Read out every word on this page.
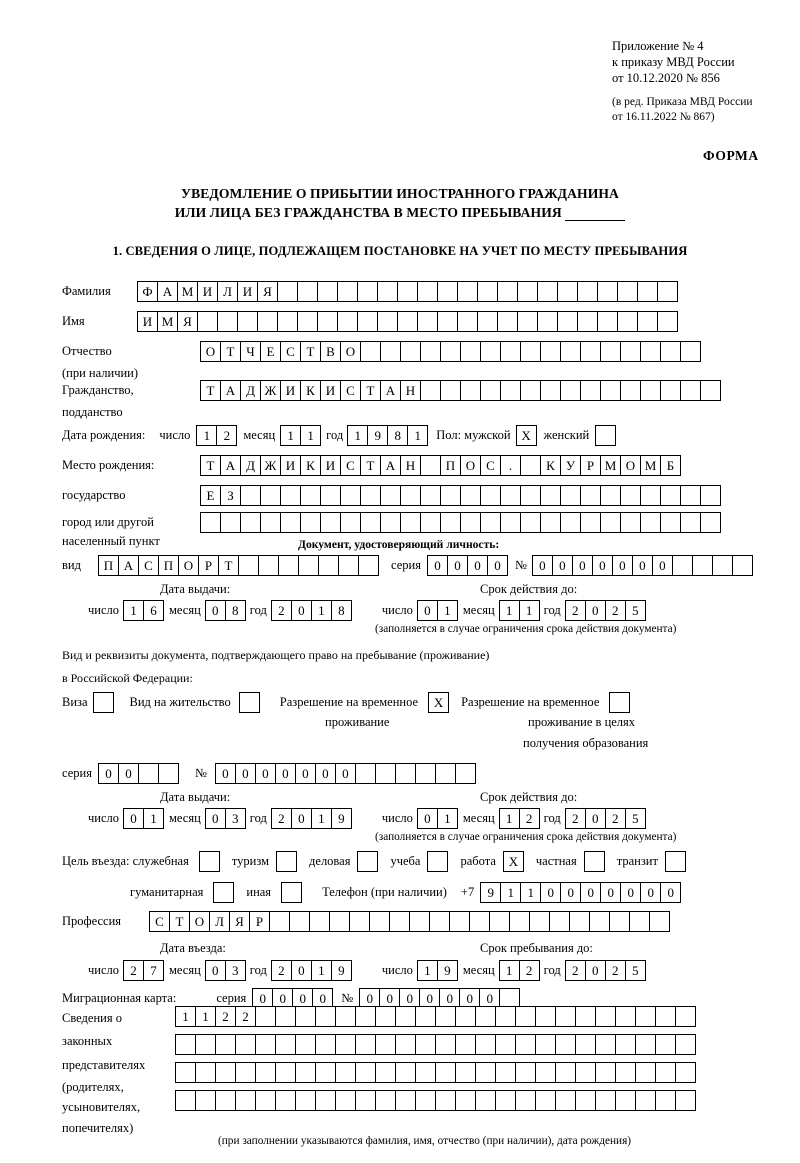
Приложение № 4
к приказу МВД России
от 10.12.2020 № 856
(в ред. Приказа МВД России
от 16.11.2022 № 867)
ФОРМА
УВЕДОМЛЕНИЕ О ПРИБЫТИИ ИНОСТРАННОГО ГРАЖДАНИНА
ИЛИ ЛИЦА БЕЗ ГРАЖДАНСТВА В МЕСТО ПРЕБЫВАНИЯ
1. СВЕДЕНИЯ О ЛИЦЕ, ПОДЛЕЖАЩЕМ ПОСТАНОВКЕ НА УЧЕТ ПО МЕСТУ ПРЕБЫВАНИЯ
Фамилия	Ф А М И Л И Я
Имя	И М Я
Отчество	О Т Ч Е С Т В О
(при наличии)
Гражданство,	Т А Д Ж И К И С Т А Н
подданство
Дата рождения: число	1	2	месяц 1	1 год 1	9	8	1	Пол: мужской X	женский
Место рождения:	Т А Д Ж И К И С Т А Н	П О С	.	К У Р М О М Б
государство	Е З
город или другой
населенный пункт	Документ, удостоверяющий личность:
вид	П А С П О Р Т	серия	0	0	0	0	№ 0	0	0	0	0	0	0
Дата выдачи:	Срок действия до:
число 1	6 месяц 0	8 год 2	0	1	8	число 0	1 месяц 1	1 год 2	0	2	5
(заполняется в случае ограничения срока действия документа)
Вид и реквизиты документа, подтверждающего право на пребывание (проживание)
в Российской Федерации:
Виза	Вид на жительство	Разрешение на временное	X	Разрешение на временное
проживание	проживание в целях
получения образования
серия	0	0	№	0	0	0	0	0	0	0
Дата выдачи:	Срок действия до:
число 0	1 месяц 0	3 год 2	0	1	9	число 0	1 месяц 1	2 год 2	0	2	5
(заполняется в случае ограничения срока действия документа)
Цель въезда: служебная	туризм	деловая	учеба	работа X	частная	транзит
гуманитарная	иная	Телефон (при наличии) +7	9	1	1	0	0	0	0	0	0	0
Профессия	С Т О Л Я Р
Дата въезда:	Срок пребывания до:
число 2	7 месяц 0	3 год 2	0	1	9	число 1	9 месяц 1	2 год 2	0	2	5
Миграционная карта:	серия	0	0	0	0	№	0	0	0	0	0	0	0
Сведения о
законных
представителях
(родителях,
усыновителях,
попечителях)
1	1	2	2
(при заполнении указываются фамилия, имя, отчество (при наличии), дата рождения)
